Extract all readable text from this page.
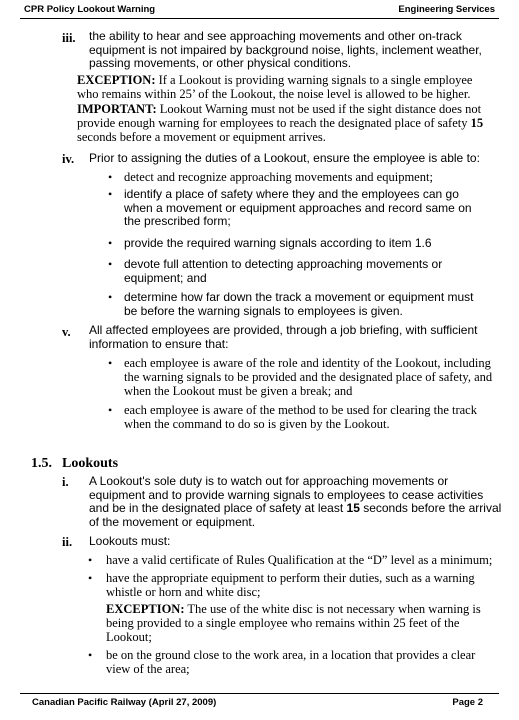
CPR Policy Lookout Warning	Engineering Services
iii. the ability to hear and see approaching movements and other on-track equipment is not impaired by background noise, lights, inclement weather, passing movements, or other physical conditions.
EXCEPTION: If a Lookout is providing warning signals to a single employee who remains within 25’ of the Lookout, the noise level is allowed to be higher.
IMPORTANT: Lookout Warning must not be used if the sight distance does not provide enough warning for employees to reach the designated place of safety 15 seconds before a movement or equipment arrives.
iv. Prior to assigning the duties of a Lookout, ensure the employee is able to:
• detect and recognize approaching movements and equipment;
• identify a place of safety where they and the employees can go when a movement or equipment approaches and record same on the prescribed form;
• provide the required warning signals according to item 1.6
• devote full attention to detecting approaching movements or equipment; and
• determine how far down the track a movement or equipment must be before the warning signals to employees is given.
v. All affected employees are provided, through a job briefing, with sufficient information to ensure that:
• each employee is aware of the role and identity of the Lookout, including the warning signals to be provided and the designated place of safety, and when the Lookout must be given a break; and
• each employee is aware of the method to be used for clearing the track when the command to do so is given by the Lookout.
1.5. Lookouts
i. A Lookout's sole duty is to watch out for approaching movements or equipment and to provide warning signals to employees to cease activities and be in the designated place of safety at least 15 seconds before the arrival of the movement or equipment.
ii. Lookouts must:
• have a valid certificate of Rules Qualification at the “D” level as a minimum;
• have the appropriate equipment to perform their duties, such as a warning whistle or horn and white disc;
EXCEPTION: The use of the white disc is not necessary when warning is being provided to a single employee who remains within 25 feet of the Lookout;
• be on the ground close to the work area, in a location that provides a clear view of the area;
Canadian Pacific Railway (April 27, 2009)	Page 2
